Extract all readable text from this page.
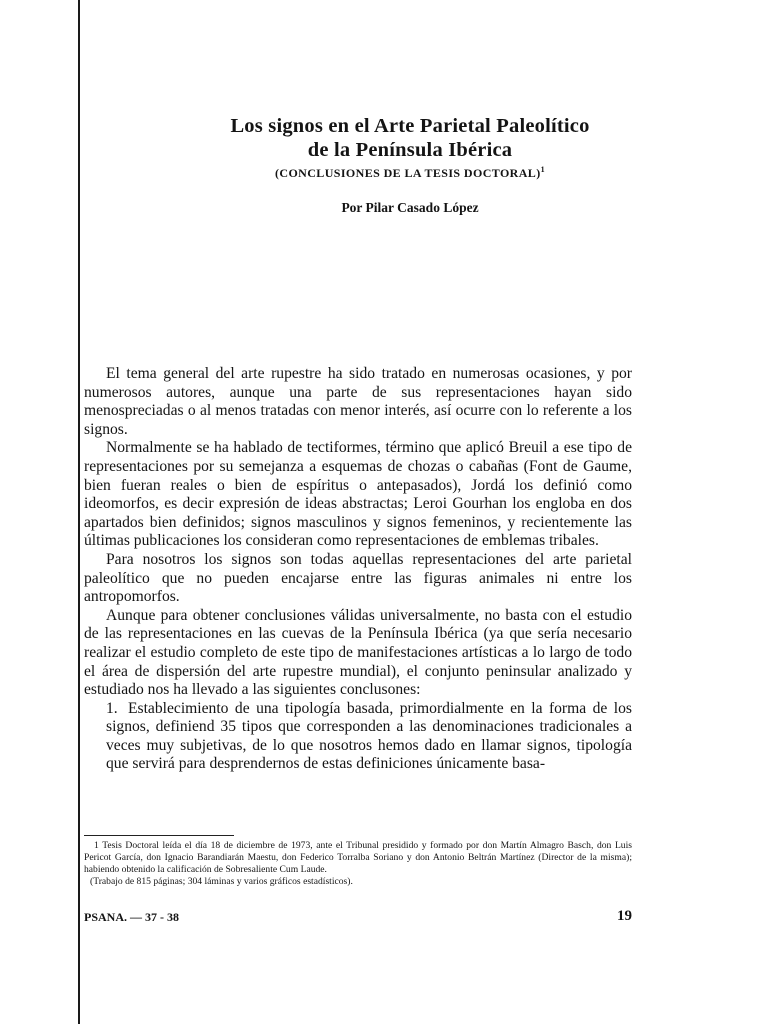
Los signos en el Arte Parietal Paleolítico
de la Península Ibérica
(CONCLUSIONES DE LA TESIS DOCTORAL)$^1$
Por Pilar Casado López

El tema general del arte rupestre ha sido tratado en numerosas ocasiones, y por numerosos autores, aunque una parte de sus representaciones hayan sido menospreciadas o al menos tratadas con menor interés, así ocurre con lo referente a los signos.

Normalmente se ha hablado de tectiformes, término que aplicó Breuil a ese tipo de representaciones por su semejanza a esquemas de chozas o cabañas (Font de Gaume, bien fueran reales o bien de espíritus o antepasados), Jordá los definió como ideomorfos, es decir expresión de ideas abstractas; Leroi Gourhan los engloba en dos apartados bien definidos; signos masculinos y signos femeninos, y recientemente las últimas publicaciones los consideran como representaciones de emblemas tribales.

Para nosotros los signos son todas aquellas representaciones del arte parietal paleolítico que no pueden encajarse entre las figuras animales ni entre los antropomorfos.

Aunque para obtener conclusiones válidas universalmente, no basta con el estudio de las representaciones en las cuevas de la Península Ibérica (ya que sería necesario realizar el estudio completo de este tipo de manifestaciones artísticas a lo largo de todo el área de dispersión del arte rupestre mundial), el conjunto peninsular analizado y estudiado nos ha llevado a las siguientes conclusones:

1. Establecimiento de una tipología basada, primordialmente en la forma de los signos, definiend 35 tipos que corresponden a las denominaciones tradicionales a veces muy subjetivas, de lo que nosotros hemos dado en llamar signos, tipología que servirá para desprendernos de estas definiciones únicamente basa-

1 Tesis Doctoral leída el día 18 de diciembre de 1973, ante el Tribunal presidido y formado por don Martín Almagro Basch, don Luis Pericot García, don Ignacio Barandiarán Maestu, don Federico Torralba Soriano y don Antonio Beltrán Martínez (Director de la misma); habiendo obtenido la calificación de Sobresaliente Cum Laude.

(Trabajo de 815 páginas; 304 láminas y varios gráficos estadísticos).

PSANA. — 37 - 38	19
